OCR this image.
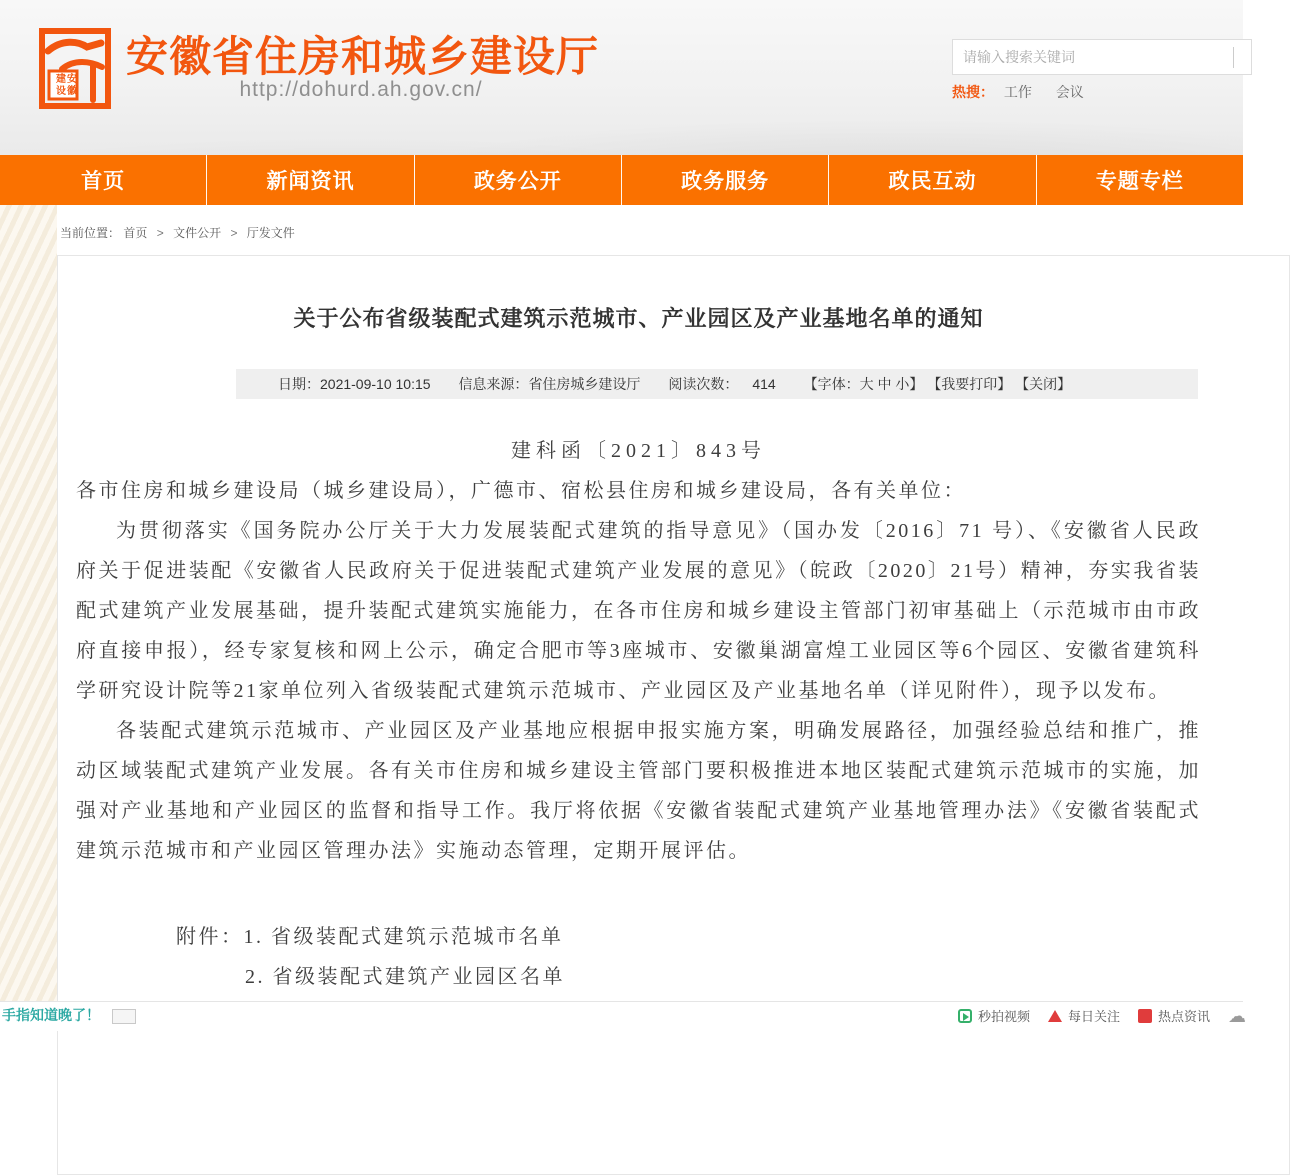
建 安
设 徽
安徽省住房和城乡建设厅
http://dohurd.ah.gov.cn/
请输入搜索关键词	热搜： 工作 会议
首页	新闻资讯	政务公开	政务服务	政民互动	专题专栏
当前位置： 首页 > 文件公开 > 厅发文件
关于公布省级装配式建筑示范城市、产业园区及产业基地名单的通知
日期：2021-09-10 10:15 信息来源：省住房城乡建设厅 阅读次数： 414 【字体：大 中 小】 【我要打印】 【关闭】
建科函〔2021〕843号
各市住房和城乡建设局（城乡建设局），广德市、宿松县住房和城乡建设局，各有关单位：
为贯彻落实《国务院办公厅关于大力发展装配式建筑的指导意见》（国办发〔2016〕71 号）、《安徽省人民政府关于促进装配《安徽省人民政府关于促进装配式建筑产业发展的意见》（皖政〔2020〕21号）精神，夯实我省装配式建筑产业发展基础，提升装配式建筑实施能力，在各市住房和城乡建设主管部门初审基础上（示范城市由市政府直接申报），经专家复核和网上公示，确定合肥市等3座城市、安徽巢湖富煌工业园区等6个园区、安徽省建筑科学研究设计院等21家单位列入省级装配式建筑示范城市、产业园区及产业基地名单（详见附件），现予以发布。
各装配式建筑示范城市、产业园区及产业基地应根据申报实施方案，明确发展路径，加强经验总结和推广，推动区域装配式建筑产业发展。各有关市住房和城乡建设主管部门要积极推进本地区装配式建筑示范城市的实施，加强对产业基地和产业园区的监督和指导工作。我厅将依据《安徽省装配式建筑产业基地管理办法》《安徽省装配式建筑示范城市和产业园区管理办法》实施动态管理，定期开展评估。
附件：1. 省级装配式建筑示范城市名单
2. 省级装配式建筑产业园区名单
手指知道晚了！	秒拍视频	每日关注	热点资讯 ☁
